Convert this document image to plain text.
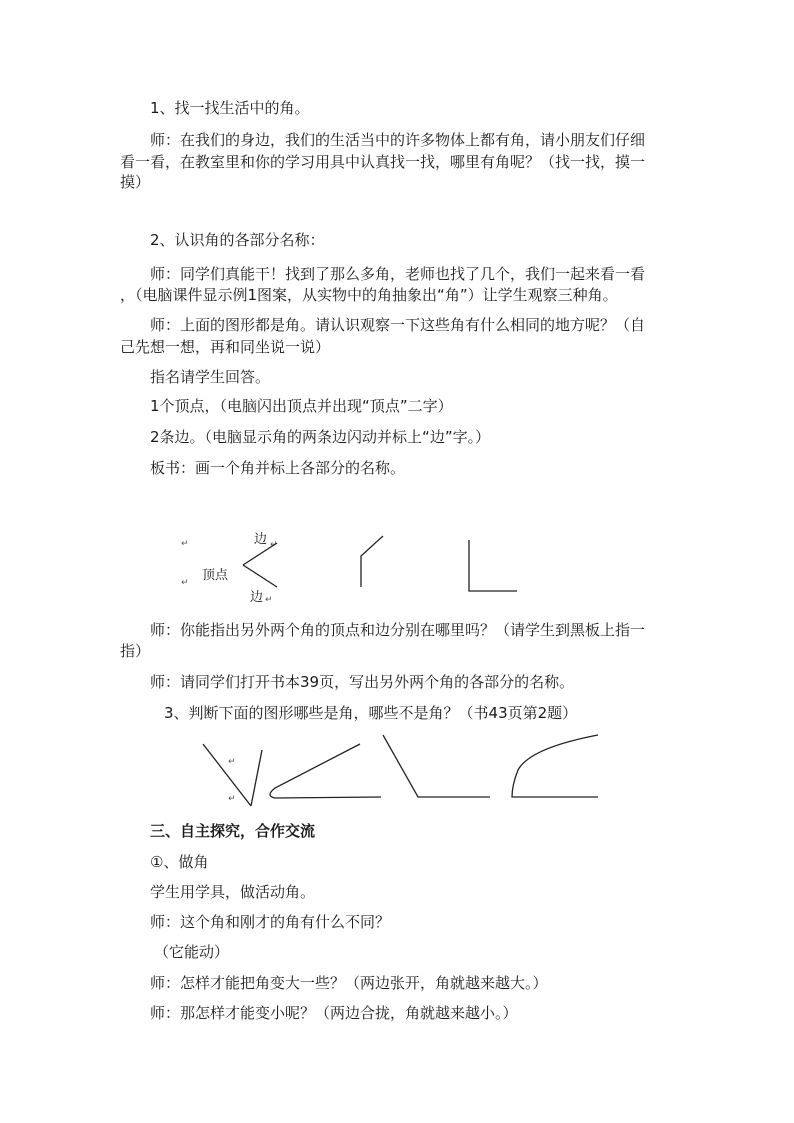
1、找一找生活中的角。
师：在我们的身边，我们的生活当中的许多物体上都有角，请小朋友们仔细
看一看，在教室里和你的学习用具中认真找一找，哪里有角呢？（找一找，摸一
摸）
2、认识角的各部分名称：
师：同学们真能干！找到了那么多角，老师也找了几个，我们一起来看一看
，（电脑课件显示例1图案，从实物中的角抽象出“角”）让学生观察三种角。
师：上面的图形都是角。请认识观察一下这些角有什么相同的地方呢？（自
己先想一想，再和同坐说一说）
指名请学生回答。
1个顶点，（电脑闪出顶点并出现“顶点”二字）
2条边。（电脑显示角的两条边闪动并标上“边”字。）
板书：画一个角并标上各部分的名称。
↵
↵
边
顶点
边
↵
↵
师：你能指出另外两个角的顶点和边分别在哪里吗？（请学生到黑板上指一
指）
师：请同学们打开书本39页，写出另外两个角的各部分的名称。
3、判断下面的图形哪些是角，哪些不是角？（书43页第2题）
↵
↵
三、自主探究，合作交流
①、做角
学生用学具，做活动角。
师：这个角和刚才的角有什么不同？
（它能动）
师：怎样才能把角变大一些？（两边张开，角就越来越大。）
师：那怎样才能变小呢？（两边合拢，角就越来越小。）
